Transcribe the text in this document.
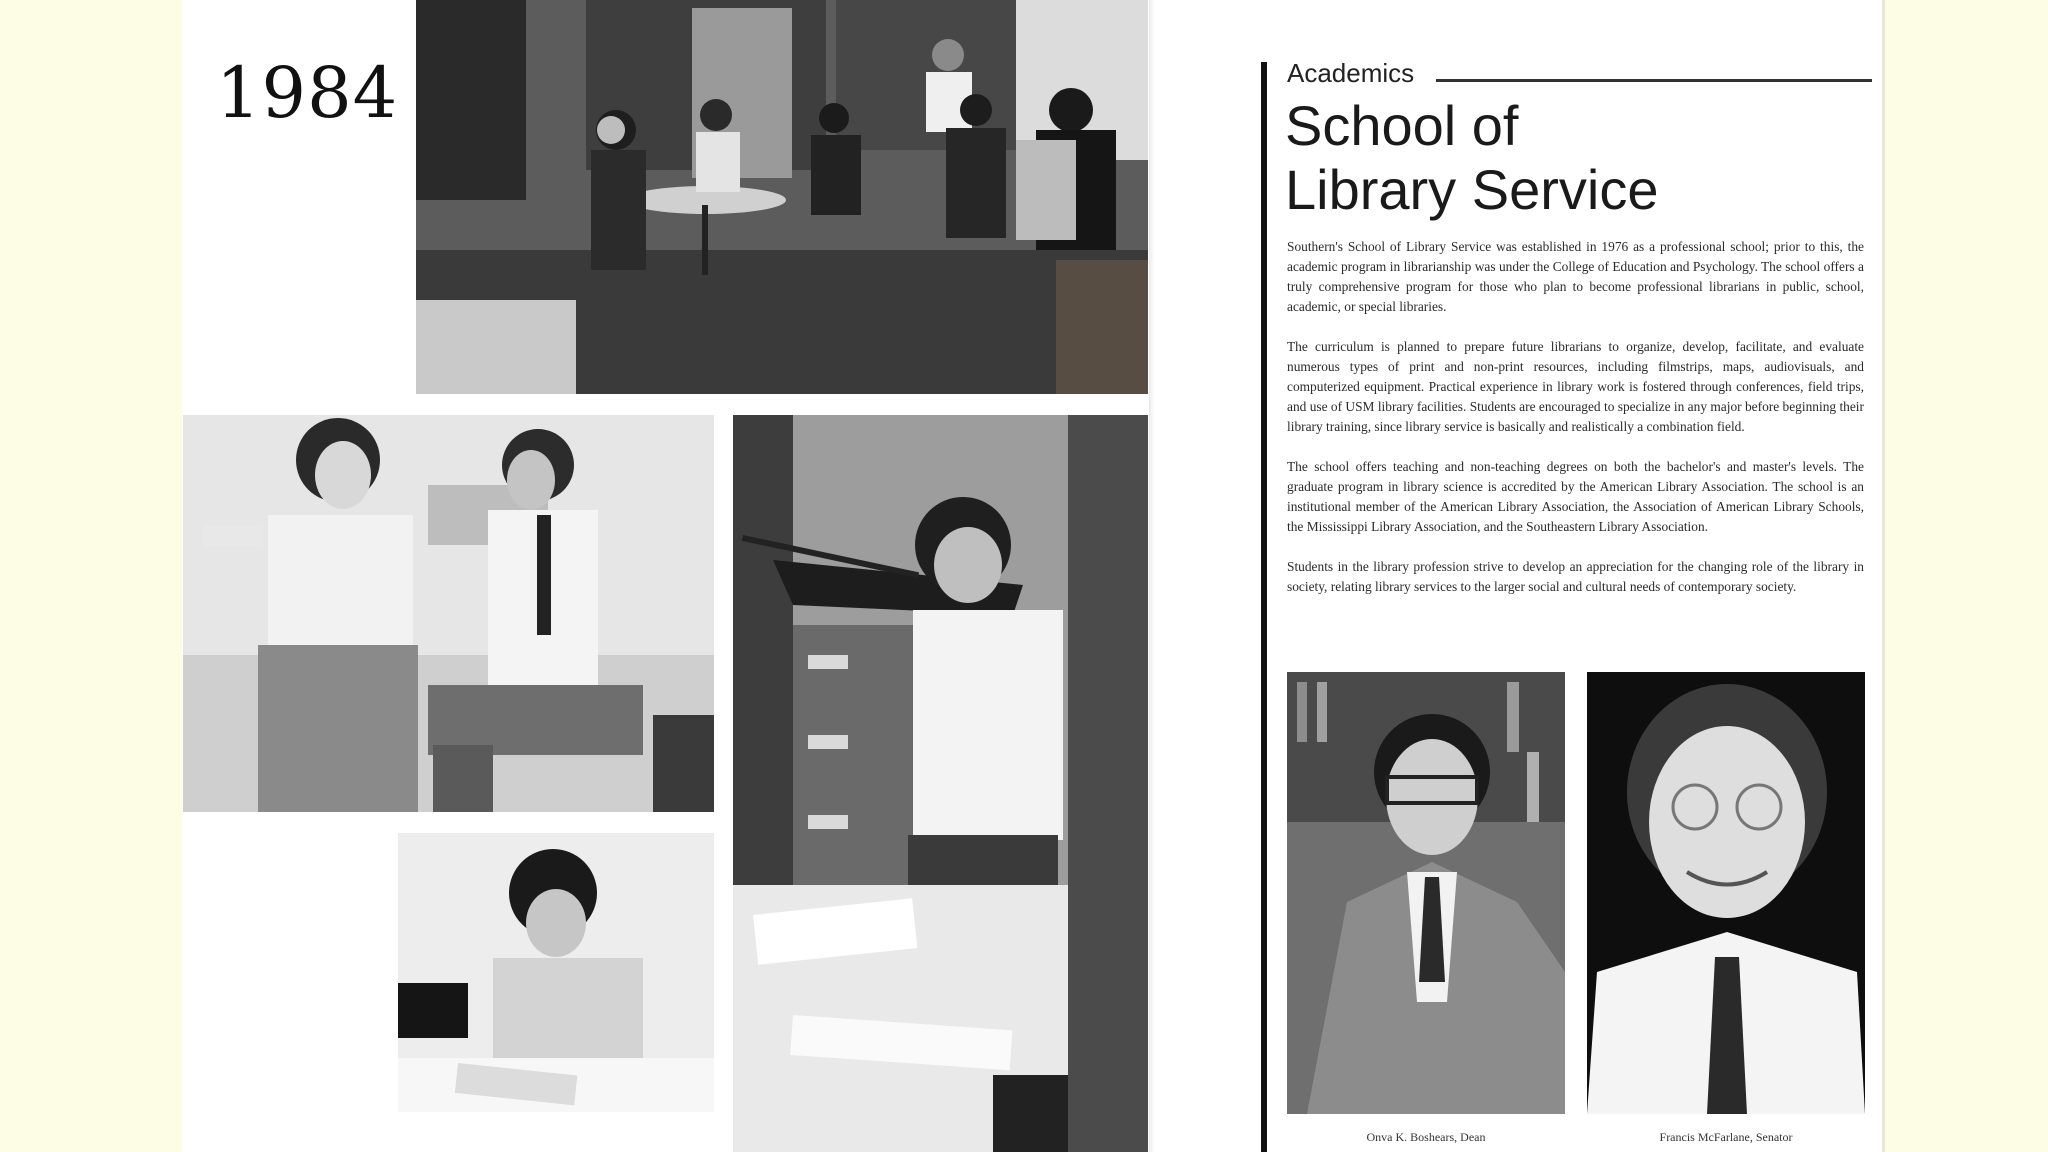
1984	Academics
School of
Library Service

Southern's School of Library Service was established in 1976 as a professional school; prior to this, the academic program in librarianship was under the College of Education and Psychology. The school offers a truly comprehensive program for those who plan to become professional librarians in public, school, academic, or special libraries.

The curriculum is planned to prepare future librarians to organize, develop, facilitate, and evaluate numerous types of print and non-print resources, including filmstrips, maps, audiovisuals, and computerized equipment. Practical experience in library work is fostered through conferences, field trips, and use of USM library facilities. Students are encouraged to specialize in any major before beginning their library training, since library service is basically and realistically a combination field.

The school offers teaching and non-teaching degrees on both the bachelor's and master's levels. The graduate program in library science is accredited by the American Library Association. The school is an institutional member of the American Library Association, the Association of American Library Schools, the Mississippi Library Association, and the Southeastern Library Association.

Students in the library profession strive to develop an appreciation for the changing role of the library in society, relating library services to the larger social and cultural needs of contemporary society.

Onva K. Boshears, Dean	Francis McFarlane, Senator
